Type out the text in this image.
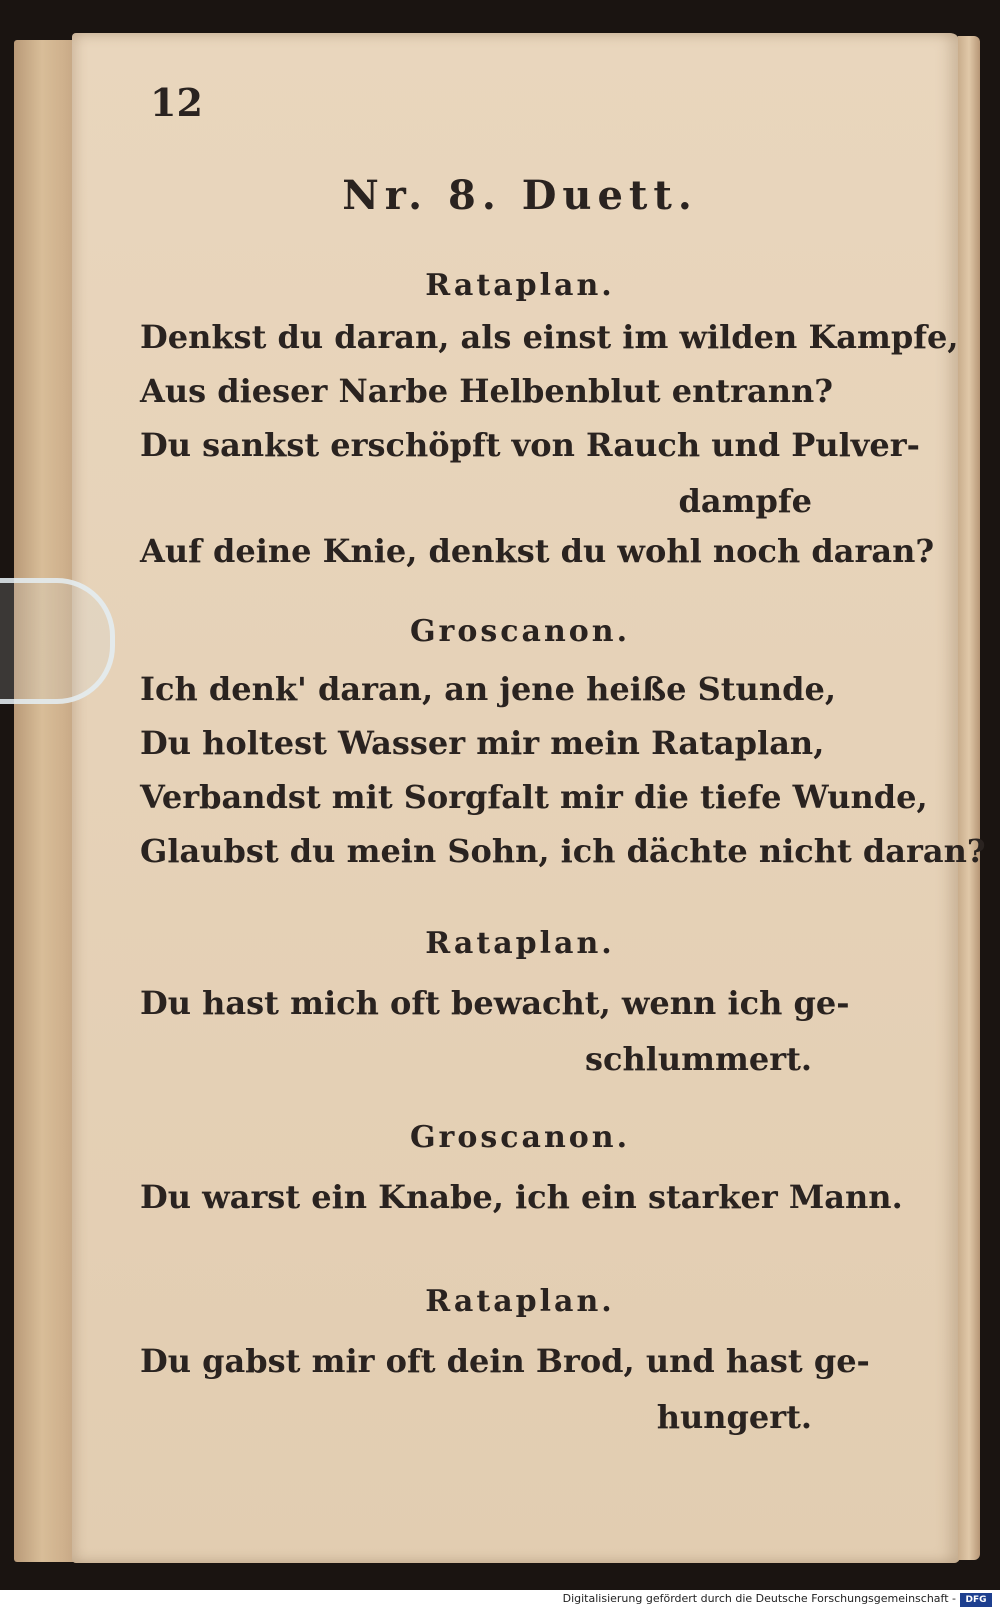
12
Nr. 8. Duett.
Rataplan.
Denkst du daran, als einst im wilden Kampfe,
Aus dieser Narbe Helbenblut entrann?
Du sankst erschöpft von Rauch und Pulver-
dampfe
Auf deine Knie, denkst du wohl noch daran?
Groscanon.
Ich denk' daran, an jene heiße Stunde,
Du holtest Wasser mir mein Rataplan,
Verbandst mit Sorgfalt mir die tiefe Wunde,
Glaubst du mein Sohn, ich dächte nicht daran?
Rataplan.
Du hast mich oft bewacht, wenn ich ge-
schlummert.
Groscanon.
Du warst ein Knabe, ich ein starker Mann.
Rataplan.
Du gabst mir oft dein Brod, und hast ge-
hungert.
Digitalisierung gefördert durch die Deutsche Forschungsgemeinschaft -	DFG
